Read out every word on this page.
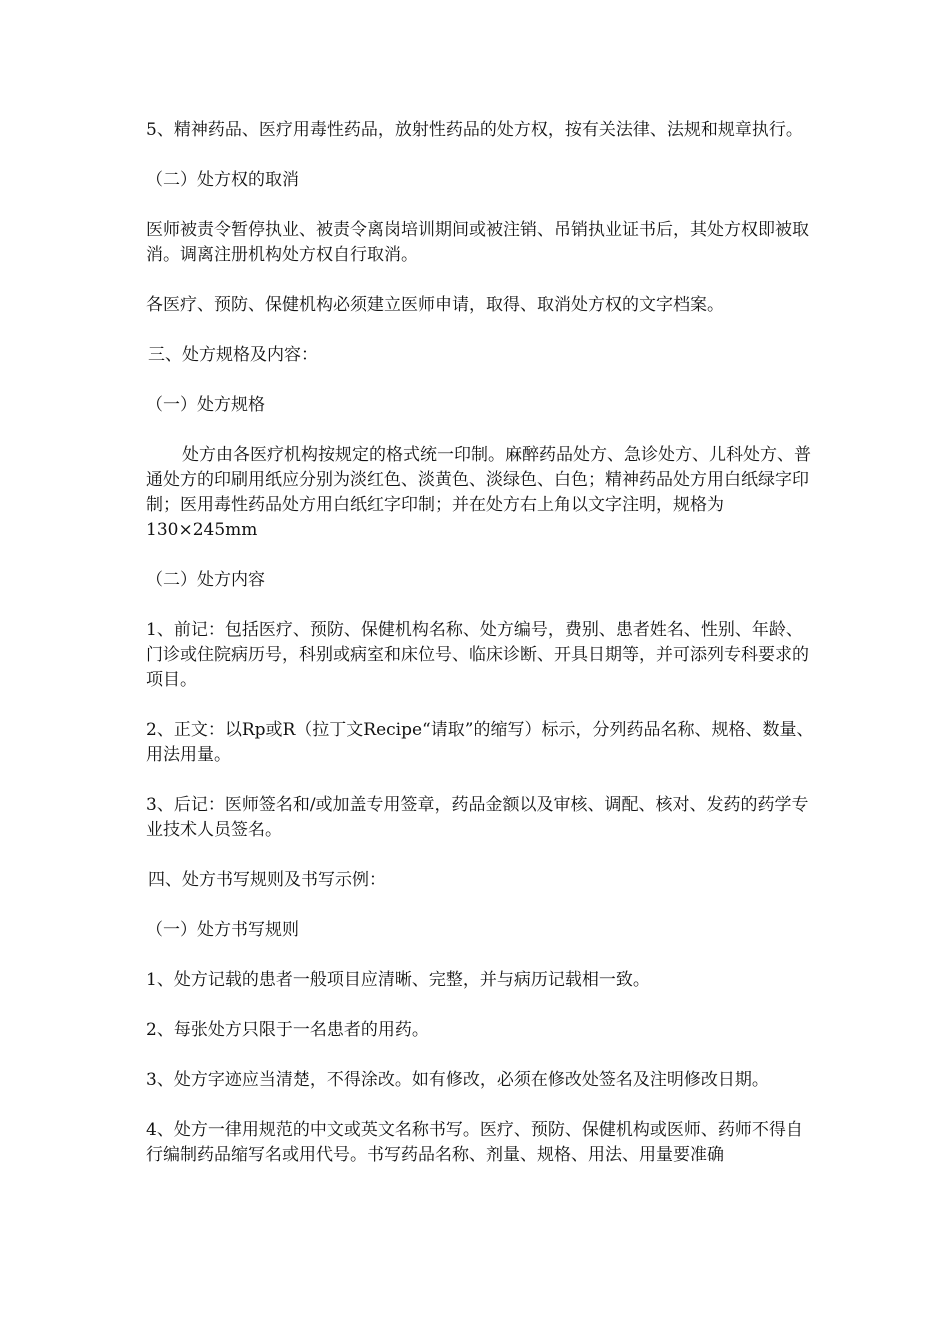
5、精神药品、医疗用毒性药品，放射性药品的处方权，按有关法律、法规和规章执行。

（二）处方权的取消

医师被责令暂停执业、被责令离岗培训期间或被注销、吊销执业证书后，其处方权即被取消。调离注册机构处方权自行取消。

各医疗、预防、保健机构必须建立医师申请，取得、取消处方权的文字档案。

三、处方规格及内容：

（一）处方规格

处方由各医疗机构按规定的格式统一印制。麻醉药品处方、急诊处方、儿科处方、普通处方的印刷用纸应分别为淡红色、淡黄色、淡绿色、白色；精神药品处方用白纸绿字印制；医用毒性药品处方用白纸红字印制；并在处方右上角以文字注明，规格为130×245mm

（二）处方内容

1、前记：包括医疗、预防、保健机构名称、处方编号，费别、患者姓名、性别、年龄、门诊或住院病历号，科别或病室和床位号、临床诊断、开具日期等，并可添列专科要求的项目。

2、正文：以Rp或R（拉丁文Recipe“请取”的缩写）标示，分列药品名称、规格、数量、用法用量。

3、后记：医师签名和/或加盖专用签章，药品金额以及审核、调配、核对、发药的药学专业技术人员签名。

四、处方书写规则及书写示例：

（一）处方书写规则

1、处方记载的患者一般项目应清晰、完整，并与病历记载相一致。

2、每张处方只限于一名患者的用药。

3、处方字迹应当清楚，不得涂改。如有修改，必须在修改处签名及注明修改日期。

4、处方一律用规范的中文或英文名称书写。医疗、预防、保健机构或医师、药师不得自行编制药品缩写名或用代号。书写药品名称、剂量、规格、用法、用量要准确
